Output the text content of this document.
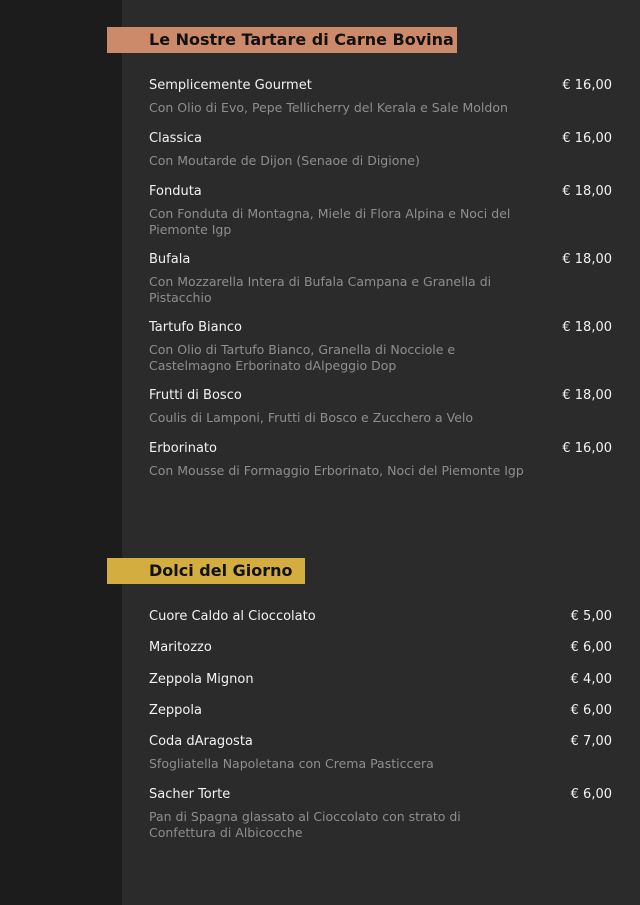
Le Nostre Tartare di Carne Bovina
Dolci del Giorno
Semplicemente Gourmet	€ 16,00
Con Olio di Evo, Pepe Tellicherry del Kerala e Sale Moldon
Classica	€ 16,00
Con Moutarde de Dijon (Senaoe di Digione)
Fonduta	€ 18,00
Con Fonduta di Montagna, Miele di Flora Alpina e Noci del Piemonte Igp
Bufala	€ 18,00
Con Mozzarella Intera di Bufala Campana e Granella di Pistacchio
Tartufo Bianco	€ 18,00
Con Olio di Tartufo Bianco, Granella di Nocciole e Castelmagno Erborinato dAlpeggio Dop
Frutti di Bosco	€ 18,00
Coulis di Lamponi, Frutti di Bosco e Zucchero a Velo
Erborinato	€ 16,00
Con Mousse di Formaggio Erborinato, Noci del Piemonte Igp
Cuore Caldo al Cioccolato	€ 5,00
Maritozzo	€ 6,00
Zeppola Mignon	€ 4,00
Zeppola	€ 6,00
Coda dAragosta	€ 7,00
Sfogliatella Napoletana con Crema Pasticcera
Sacher Torte	€ 6,00
Pan di Spagna glassato al Cioccolato con strato di Confettura di Albicocche
